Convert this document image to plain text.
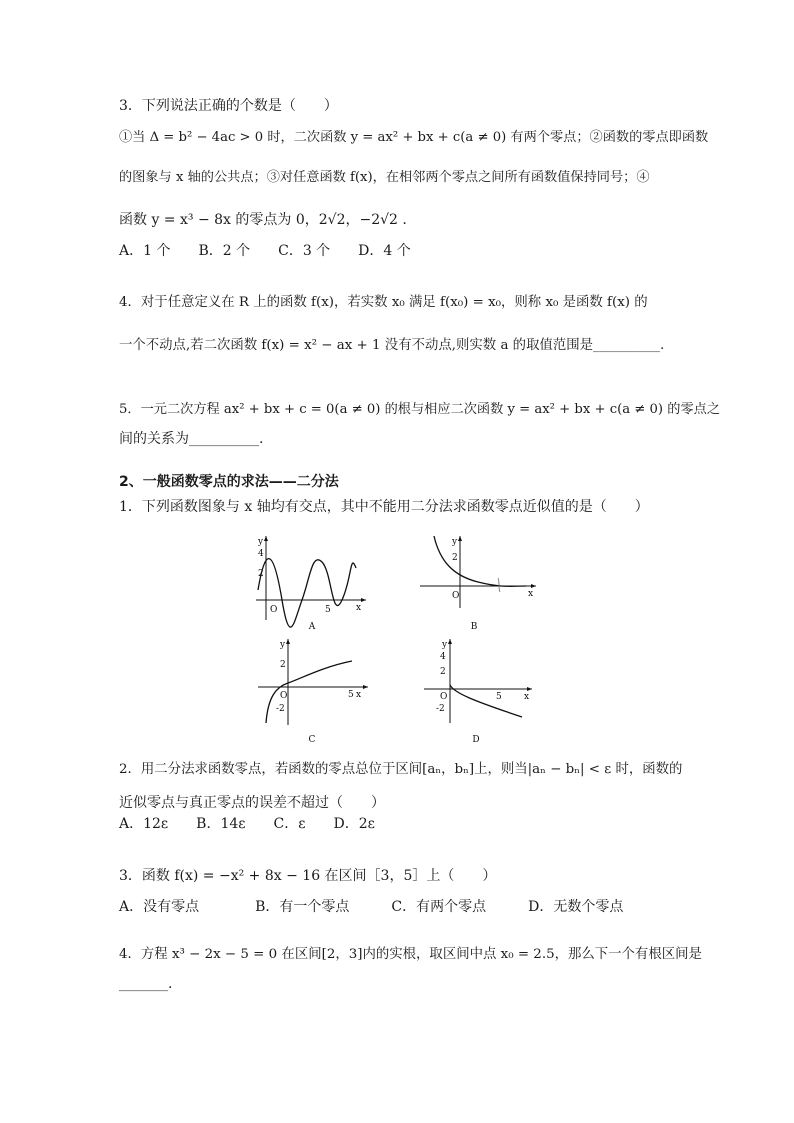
3．下列说法正确的个数是（　　）
①当 Δ = b² − 4ac > 0 时，二次函数 y = ax² + bx + c(a ≠ 0) 有两个零点；②函数的零点即函数
的图象与 x 轴的公共点；③对任意函数 f(x)，在相邻两个零点之间所有函数值保持同号；④
函数 y = x³ − 8x 的零点为 0，2√2，−2√2 .
A．1 个　　B．2 个　　C．3 个　　D．4 个
4．对于任意定义在 R 上的函数 f(x)，若实数 x₀ 满足 f(x₀) = x₀，则称 x₀ 是函数 f(x) 的
一个不动点,若二次函数 f(x) = x² − ax + 1 没有不动点,则实数 a 的取值范围是__________.
5．一元二次方程 ax² + bx + c = 0(a ≠ 0) 的根与相应二次函数 y = ax² + bx + c(a ≠ 0) 的零点之
间的关系为__________.
2、一般函数零点的求法——二分法
1．下列函数图象与 x 轴均有交点，其中不能用二分法求函数零点近似值的是（　　）
y
4
2
O	5	x
A
y
2
O	x
B
y
2
O	5
-2
x
C
y
4
2
O	5
-2
x
D
2．用二分法求函数零点，若函数的零点总位于区间[aₙ，bₙ]上，则当|aₙ − bₙ| < ε 时，函数的
近似零点与真正零点的误差不超过（　　）
A．12ε　　B．14ε　　C．ε　　D．2ε
3．函数 f(x) = −x² + 8x − 16 在区间［3，5］上（　　）
A．没有零点　　　　B．有一个零点　　　C．有两个零点　　　D．无数个零点
4．方程 x³ − 2x − 5 = 0 在区间[2，3]内的实根，取区间中点 x₀ = 2.5，那么下一个有根区间是
_______.
